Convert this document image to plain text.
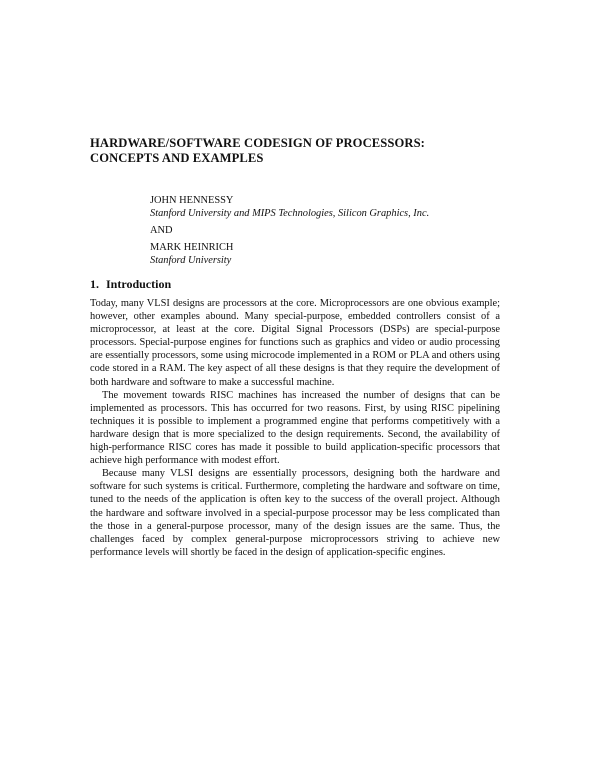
HARDWARE/SOFTWARE CODESIGN OF PROCESSORS:
CONCEPTS AND EXAMPLES
JOHN HENNESSY
Stanford University and MIPS Technologies, Silicon Graphics, Inc.
AND
MARK HEINRICH
Stanford University
1. Introduction

Today, many VLSI designs are processors at the core. Microprocessors are one obvious example; however, other examples abound. Many special-purpose, embedded controllers consist of a microprocessor, at least at the core. Digital Signal Processors (DSPs) are special-purpose processors. Special-purpose engines for functions such as graphics and video or audio processing are essentially processors, some using microcode implemented in a ROM or PLA and others using code stored in a RAM. The key aspect of all these designs is that they require the development of both hardware and software to make a successful machine.

The movement towards RISC machines has increased the number of designs that can be implemented as processors. This has occurred for two reasons. First, by using RISC pipelining techniques it is possible to implement a programmed engine that performs competitively with a hardware design that is more specialized to the design requirements. Second, the availability of high-performance RISC cores has made it possible to build application-specific processors that achieve high performance with modest effort.

Because many VLSI designs are essentially processors, designing both the hardware and software for such systems is critical. Furthermore, completing the hardware and software on time, tuned to the needs of the application is often key to the success of the overall project. Although the hardware and software involved in a special-purpose processor may be less complicated than the those in a general-purpose processor, many of the design issues are the same. Thus, the challenges faced by complex general-purpose microprocessors striving to achieve new performance levels will shortly be faced in the design of application-specific engines.
